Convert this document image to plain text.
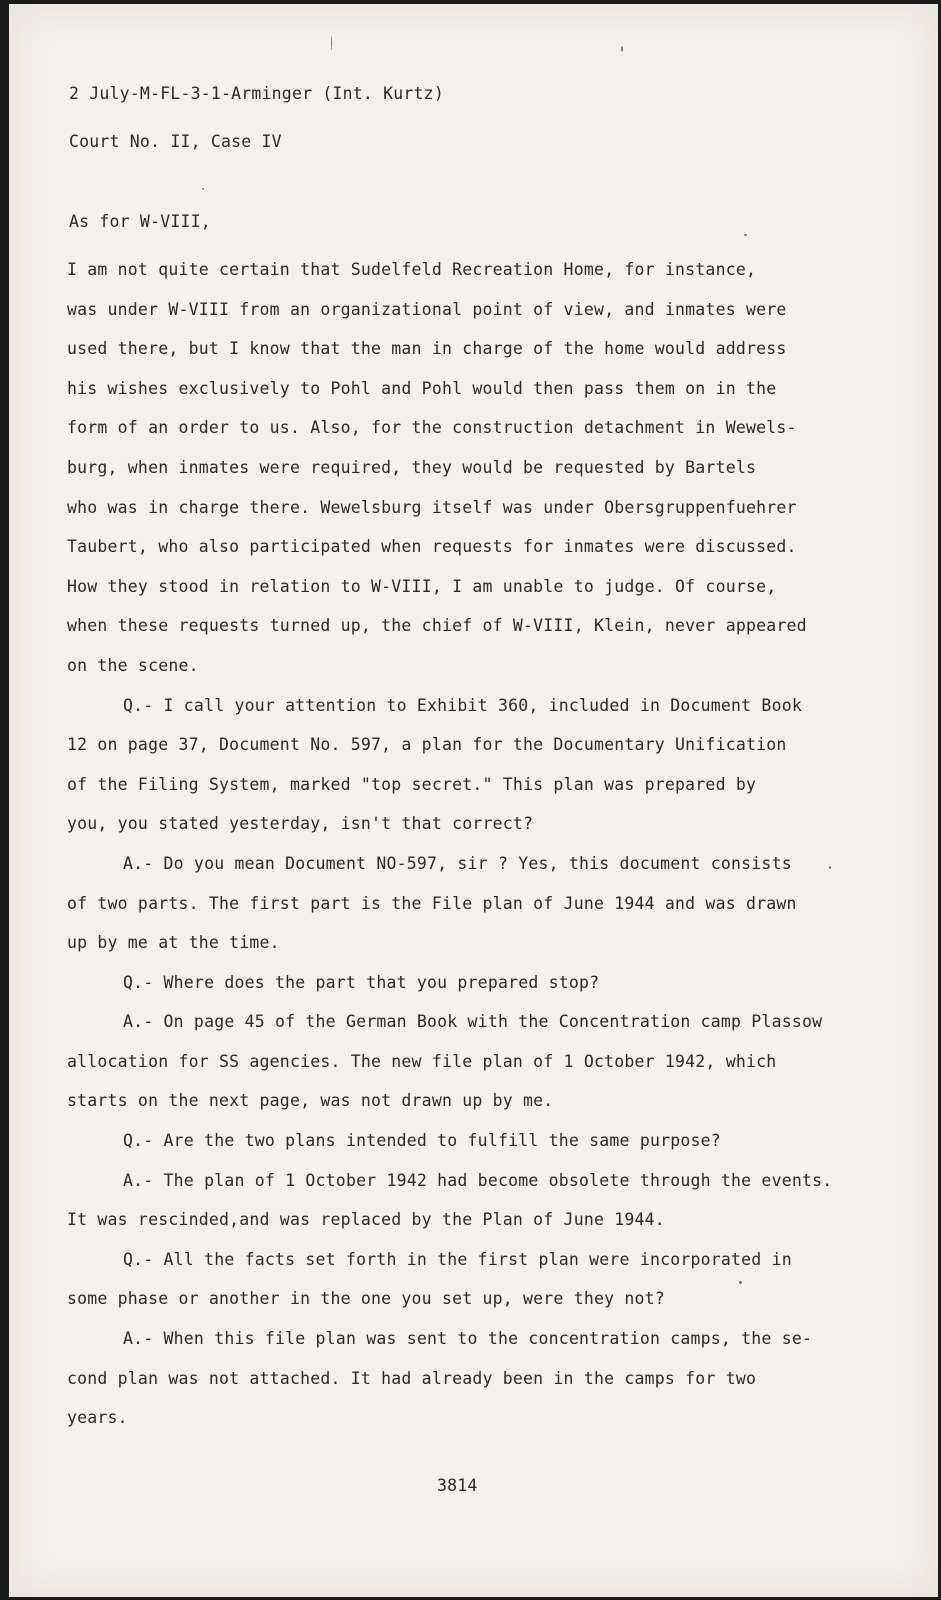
2 July-M-FL-3-1-Arminger (Int. Kurtz)
Court No. II, Case IV
As for W-VIII,
I am not quite certain that Sudelfeld Recreation Home, for instance,
was under W-VIII from an organizational point of view, and inmates were
used there, but I know that the man in charge of the home would address
his wishes exclusively to Pohl and Pohl would then pass them on in the
form of an order to us. Also, for the construction detachment in Wewels-
burg, when inmates were required, they would be requested by Bartels
who was in charge there. Wewelsburg itself was under Obersgruppenfuehrer
Taubert, who also participated when requests for inmates were discussed.
How they stood in relation to W-VIII, I am unable to judge. Of course,
when these requests turned up, the chief of W-VIII, Klein, never appeared
on the scene.
Q.- I call your attention to Exhibit 360, included in Document Book
12 on page 37, Document No. 597, a plan for the Documentary Unification
of the Filing System, marked "top secret." This plan was prepared by
you, you stated yesterday, isn't that correct?
A.- Do you mean Document NO-597, sir ? Yes, this document consists
of two parts. The first part is the File plan of June 1944 and was drawn
up by me at the time.
Q.- Where does the part that you prepared stop?
A.- On page 45 of the German Book with the Concentration camp Plassow
allocation for SS agencies. The new file plan of 1 October 1942, which
starts on the next page, was not drawn up by me.
Q.- Are the two plans intended to fulfill the same purpose?
A.- The plan of 1 October 1942 had become obsolete through the events.
It was rescinded,and was replaced by the Plan of June 1944.
Q.- All the facts set forth in the first plan were incorporated in
some phase or another in the one you set up, were they not?
A.- When this file plan was sent to the concentration camps, the se-
cond plan was not attached. It had already been in the camps for two
years.
3814
